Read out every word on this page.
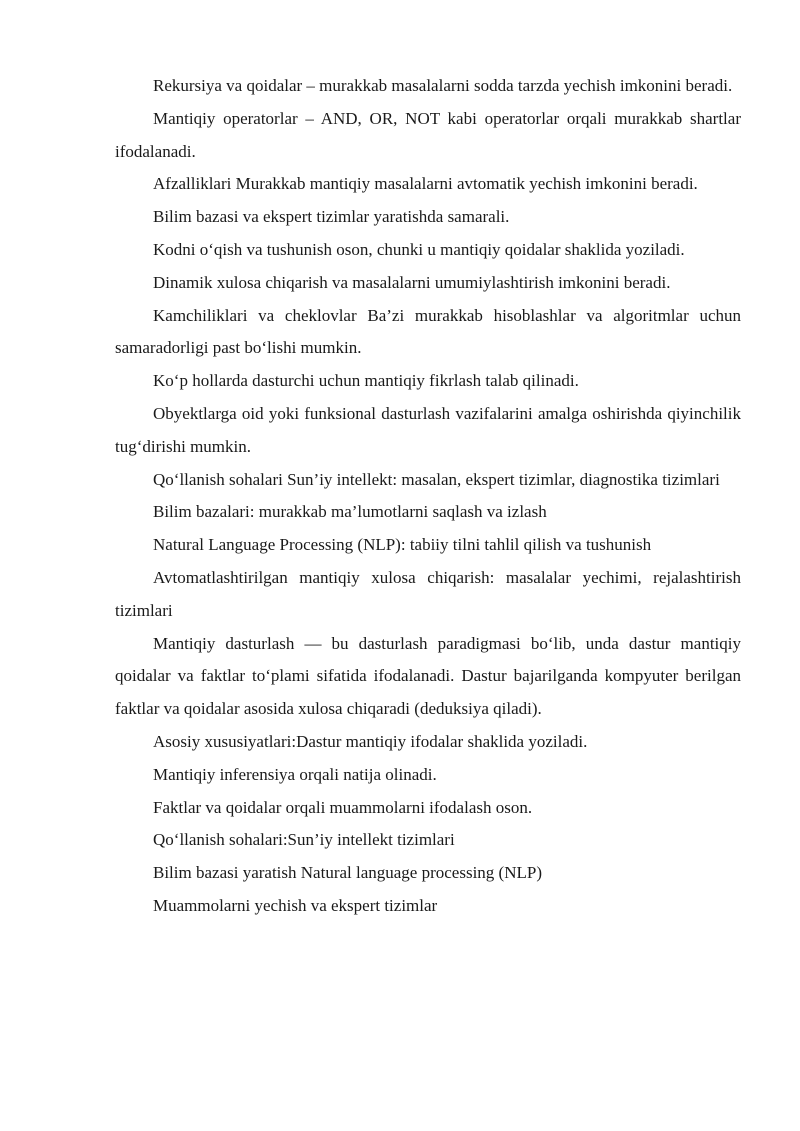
Rekursiya va qoidalar – murakkab masalalarni sodda tarzda yechish imkonini beradi.

Mantiqiy operatorlar – AND, OR, NOT kabi operatorlar orqali murakkab shartlar ifodalanadi.

Afzalliklari Murakkab mantiqiy masalalarni avtomatik yechish imkonini beradi.

Bilim bazasi va ekspert tizimlar yaratishda samarali.

Kodni o‘qish va tushunish oson, chunki u mantiqiy qoidalar shaklida yoziladi.

Dinamik xulosa chiqarish va masalalarni umumiylashtirish imkonini beradi.

Kamchiliklari va cheklovlar Ba’zi murakkab hisoblashlar va algoritmlar uchun samaradorligi past bo‘lishi mumkin.

Ko‘p hollarda dasturchi uchun mantiqiy fikrlash talab qilinadi.

Obyektlarga oid yoki funksional dasturlash vazifalarini amalga oshirishda qiyinchilik tug‘dirishi mumkin.

Qo‘llanish sohalari Sun’iy intellekt: masalan, ekspert tizimlar, diagnostika tizimlari

Bilim bazalari: murakkab ma’lumotlarni saqlash va izlash

Natural Language Processing (NLP): tabiiy tilni tahlil qilish va tushunish

Avtomatlashtirilgan mantiqiy xulosa chiqarish: masalalar yechimi, rejalashtirish tizimlari

Mantiqiy dasturlash — bu dasturlash paradigmasi bo‘lib, unda dastur mantiqiy qoidalar va faktlar to‘plami sifatida ifodalanadi. Dastur bajarilganda kompyuter berilgan faktlar va qoidalar asosida xulosa chiqaradi (deduksiya qiladi).

Asosiy xususiyatlari:Dastur mantiqiy ifodalar shaklida yoziladi.

Mantiqiy inferensiya orqali natija olinadi.

Faktlar va qoidalar orqali muammolarni ifodalash oson.

Qo‘llanish sohalari:Sun’iy intellekt tizimlari

Bilim bazasi yaratish Natural language processing (NLP)

Muammolarni yechish va ekspert tizimlar
